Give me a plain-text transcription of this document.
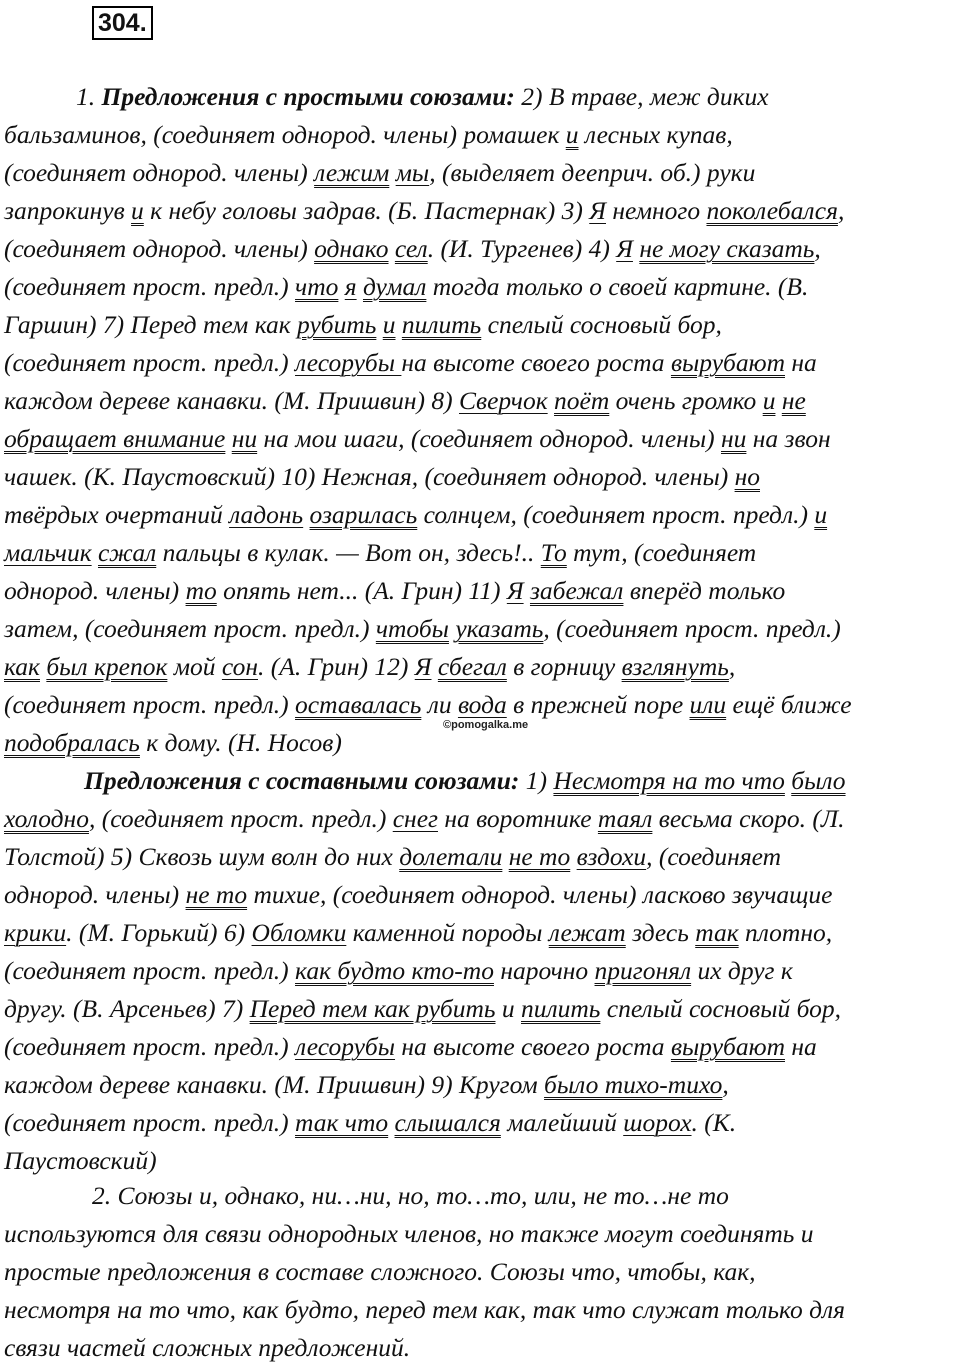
304.
1. Предложения с простыми союзами: 2) В траве, меж диких
бальзаминов, (соединяет однород. члены) ромашек и лесных купав,
(соединяет однород. члены) лежим мы, (выделяет дееприч. об.) руки
запрокинув и к небу головы задрав. (Б. Пастернак) 3) Я немного поколебался,
(соединяет однород. члены) однако сел. (И. Тургенев) 4) Я не могу сказать,
(соединяет прост. предл.) что я думал тогда только о своей картине. (В.
Гаршин) 7) Перед тем как рубить и пилить спелый сосновый бор,
(соединяет прост. предл.) лесорубы на высоте своего роста вырубают на
каждом дереве канавки. (М. Пришвин) 8) Сверчок поёт очень громко и не
обращает внимание ни на мои шаги, (соединяет однород. члены) ни на звон
чашек. (К. Паустовский) 10) Нежная, (соединяет однород. члены) но
твёрдых очертаний ладонь озарилась солнцем, (соединяет прост. предл.) и
мальчик сжал пальцы в кулак. — Вот он, здесь!.. То тут, (соединяет
однород. члены) то опять нет... (А. Грин) 11) Я забежал вперёд только
затем, (соединяет прост. предл.) чтобы указать, (соединяет прост. предл.)
как был крепок мой сон. (А. Грин) 12) Я сбегал в горницу взглянуть,
(соединяет прост. предл.) оставалась ли вода в прежней поре или ещё ближе
подобралась к дому. (Н. Носов)
Предложения с составными союзами: 1) Несмотря на то что было
холодно, (соединяет прост. предл.) снег на воротнике таял весьма скоро. (Л.
Толстой) 5) Сквозь шум волн до них долетали не то вздохи, (соединяет
однород. члены) не то тихие, (соединяет однород. члены) ласково звучащие
крики. (М. Горький) 6) Обломки каменной породы лежат здесь так плотно,
(соединяет прост. предл.) как будто кто-то нарочно пригонял их друг к
другу. (В. Арсеньев) 7) Перед тем как рубить и пилить спелый сосновый бор,
(соединяет прост. предл.) лесорубы на высоте своего роста вырубают на
каждом дереве канавки. (М. Пришвин) 9) Кругом было тихо-тихо,
(соединяет прост. предл.) так что слышался малейший шорох. (К.
Паустовский)
2. Союзы и, однако, ни…ни, но, то…то, или, не то…не то
используются для связи однородных членов, но также могут соединять и
простые предложения в составе сложного. Союзы что, чтобы, как,
несмотря на то что, как будто, перед тем как, так что служат только для
связи частей сложных предложений.
©pomogalka.me
